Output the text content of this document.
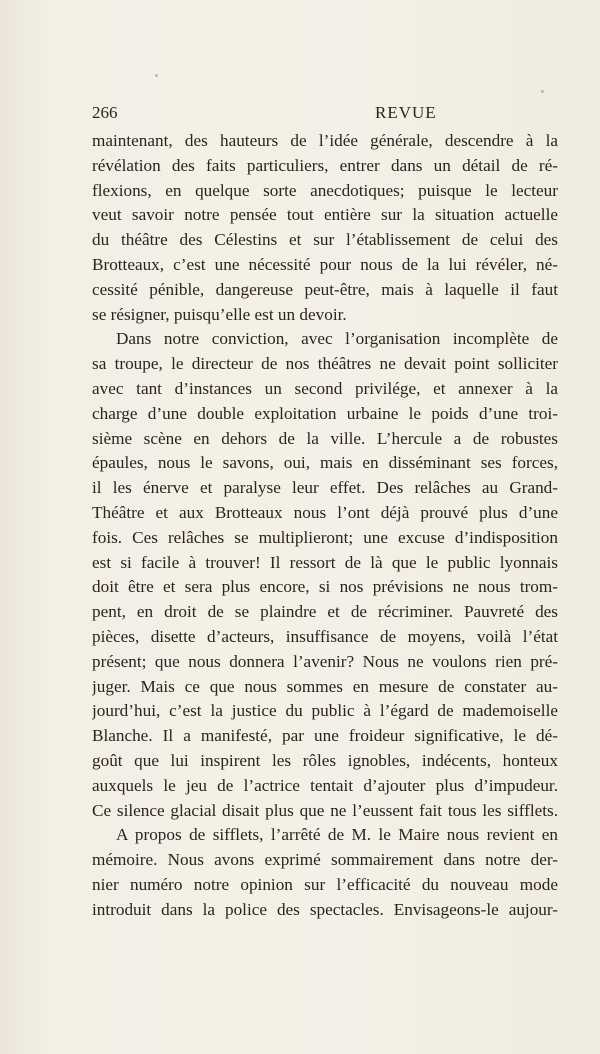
266	REVUE
maintenant, des hauteurs de l’idée générale, descendre à la
révélation des faits particuliers, entrer dans un détail de ré-
flexions, en quelque sorte anecdotiques; puisque le lecteur
veut savoir notre pensée tout entière sur la situation actuelle
du théâtre des Célestins et sur l’établissement de celui des
Brotteaux, c’est une nécessité pour nous de la lui révéler, né-
cessité pénible, dangereuse peut-être, mais à laquelle il faut
se résigner, puisqu’elle est un devoir.
Dans notre conviction, avec l’organisation incomplète de
sa troupe, le directeur de nos théâtres ne devait point solliciter
avec tant d’instances un second privilége, et annexer à la
charge d’une double exploitation urbaine le poids d’une troi-
sième scène en dehors de la ville. L’hercule a de robustes
épaules, nous le savons, oui, mais en disséminant ses forces,
il les énerve et paralyse leur effet. Des relâches au Grand-
Théâtre et aux Brotteaux nous l’ont déjà prouvé plus d’une
fois. Ces relâches se multiplieront; une excuse d’indisposition
est si facile à trouver! Il ressort de là que le public lyonnais
doit être et sera plus encore, si nos prévisions ne nous trom-
pent, en droit de se plaindre et de récriminer. Pauvreté des
pièces, disette d’acteurs, insuffisance de moyens, voilà l’état
présent; que nous donnera l’avenir? Nous ne voulons rien pré-
juger. Mais ce que nous sommes en mesure de constater au-
jourd’hui, c’est la justice du public à l’égard de mademoiselle
Blanche. Il a manifesté, par une froideur significative, le dé-
goût que lui inspirent les rôles ignobles, indécents, honteux
auxquels le jeu de l’actrice tentait d’ajouter plus d’impudeur.
Ce silence glacial disait plus que ne l’eussent fait tous les sifflets.
A propos de sifflets, l’arrêté de M. le Maire nous revient en
mémoire. Nous avons exprimé sommairement dans notre der-
nier numéro notre opinion sur l’efficacité du nouveau mode
introduit dans la police des spectacles. Envisageons-le aujour-
